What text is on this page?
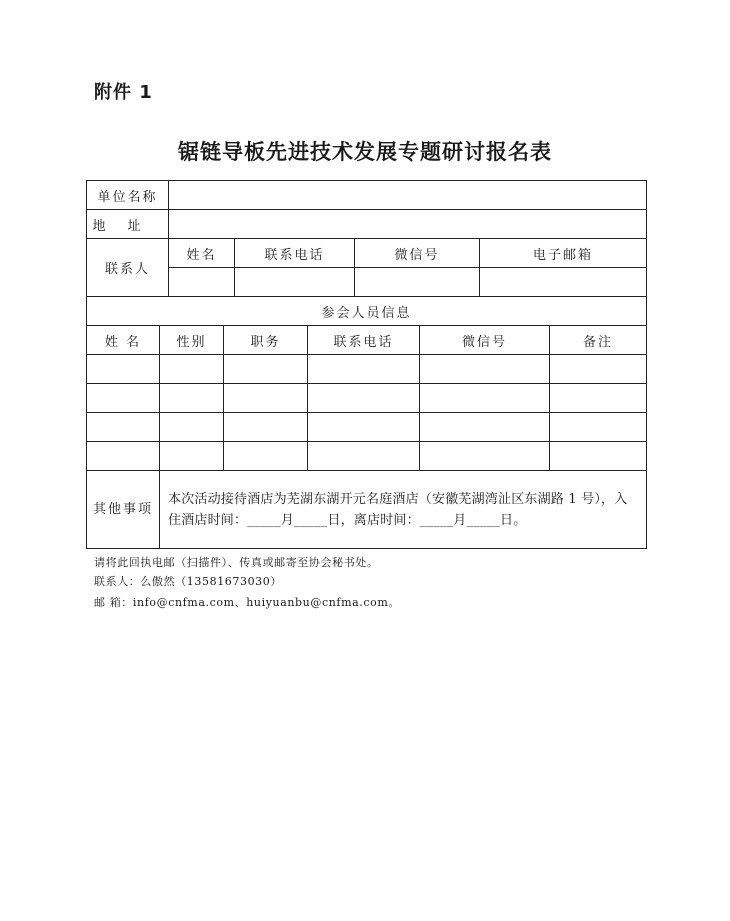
附件 1
锯链导板先进技术发展专题研讨报名表
单位名称				
地址				
联系人	姓名	联系电话	微信号	电子邮箱

参会人员信息				
姓 名	性别	职务	联系电话	微信号	备注

其他事项	本次活动接待酒店为芜湖东湖开元名庭酒店（安徽芜湖湾沚区东湖路 1 号），入住酒店时间：_____月_____日，离店时间：_____月_____日。				
请将此回执电邮（扫描件）、传真或邮寄至协会秘书处。
联系人：么傲然（13581673030）
邮 箱：info@cnfma.com、huiyuanbu@cnfma.com。
